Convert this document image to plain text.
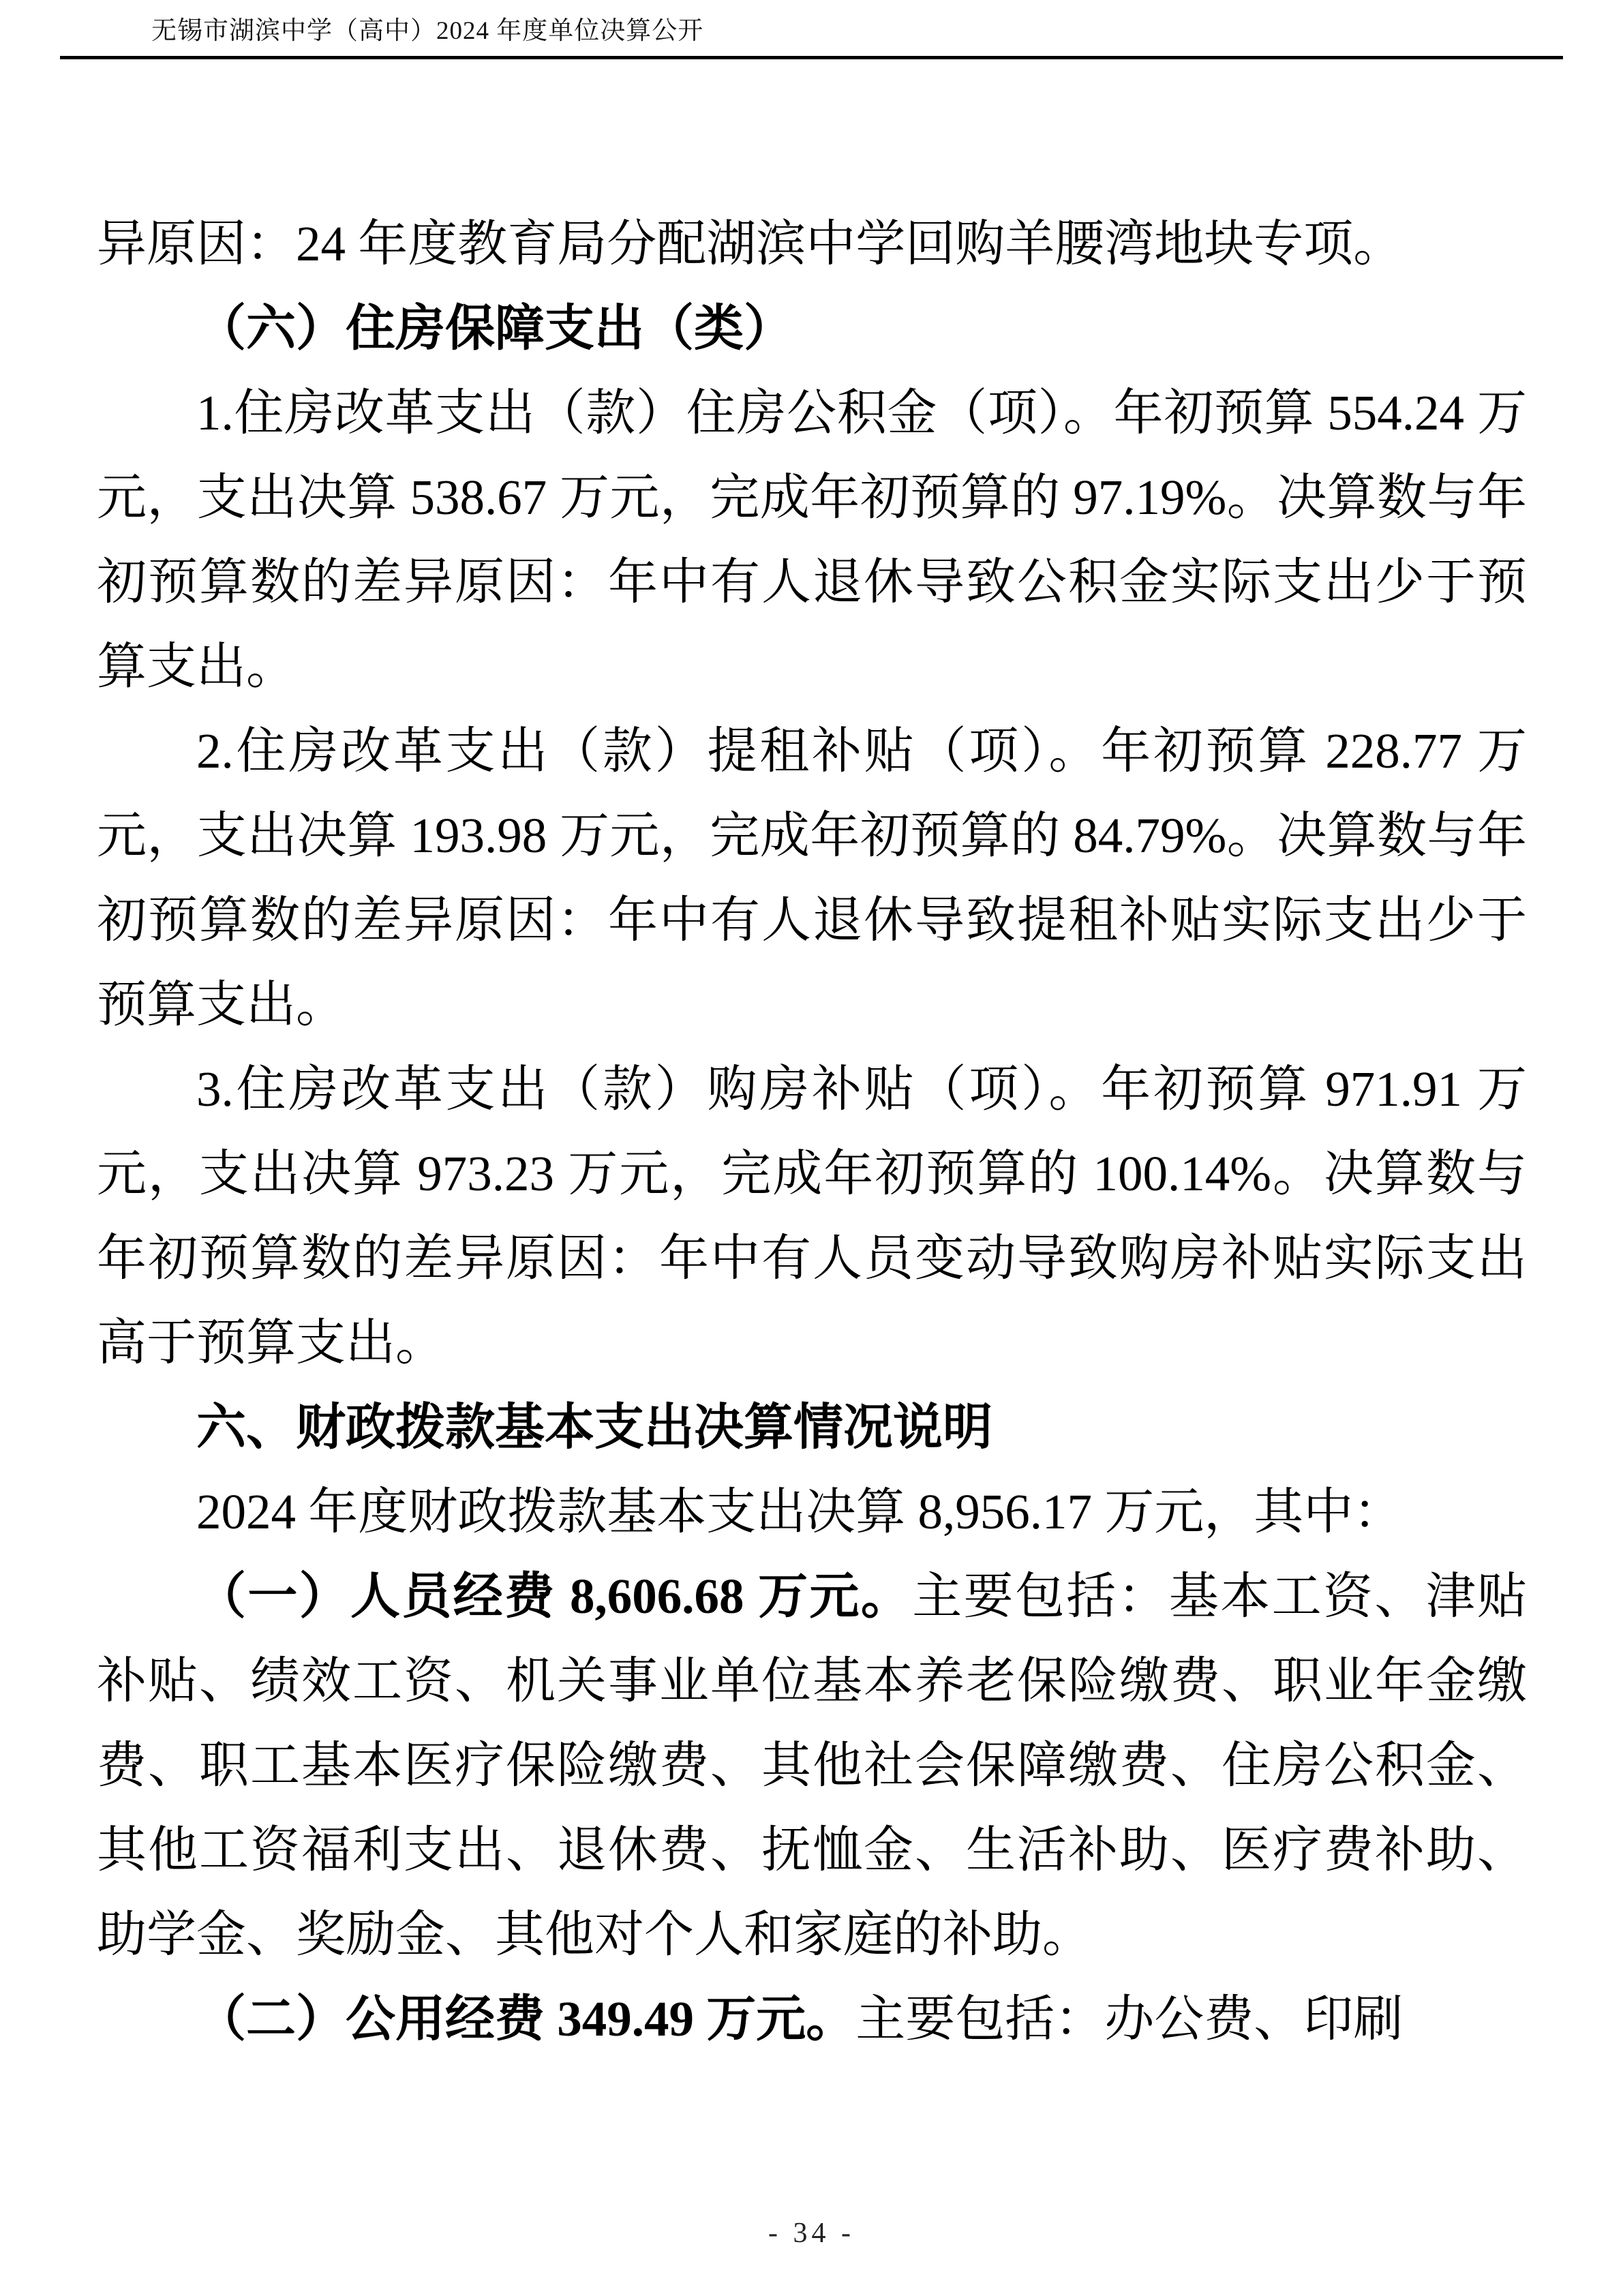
无锡市湖滨中学（高中）2024 年度单位决算公开

异原因：24 年度教育局分配湖滨中学回购羊腰湾地块专项。

（六）住房保障支出（类）

1.住房改革支出（款）住房公积金（项）。年初预算 554.24 万元，支出决算 538.67 万元，完成年初预算的 97.19%。决算数与年初预算数的差异原因：年中有人退休导致公积金实际支出少于预算支出。

2.住房改革支出（款）提租补贴（项）。年初预算 228.77 万元，支出决算 193.98 万元，完成年初预算的 84.79%。决算数与年初预算数的差异原因：年中有人退休导致提租补贴实际支出少于预算支出。

3.住房改革支出（款）购房补贴（项）。年初预算 971.91 万元，支出决算 973.23 万元，完成年初预算的 100.14%。决算数与年初预算数的差异原因：年中有人员变动导致购房补贴实际支出高于预算支出。

六、财政拨款基本支出决算情况说明

2024 年度财政拨款基本支出决算 8,956.17 万元，其中：

（一）人员经费 8,606.68 万元。主要包括：基本工资、津贴补贴、绩效工资、机关事业单位基本养老保险缴费、职业年金缴费、职工基本医疗保险缴费、其他社会保障缴费、住房公积金、其他工资福利支出、退休费、抚恤金、生活补助、医疗费补助、助学金、奖励金、其他对个人和家庭的补助。

（二）公用经费 349.49 万元。主要包括：办公费、印刷

- 34 -
